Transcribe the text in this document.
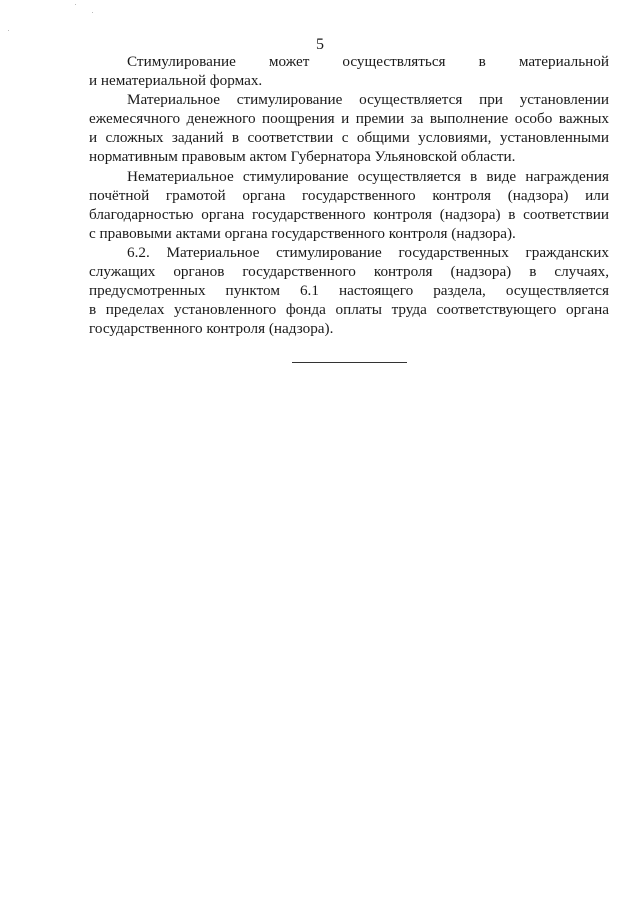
5

Стимулирование может осуществляться в материальной
и нематериальной формах.

Материальное стимулирование осуществляется при установлении
ежемесячного денежного поощрения и премии за выполнение особо важных
и сложных заданий в соответствии с общими условиями, установленными
нормативным правовым актом Губернатора Ульяновской области.

Нематериальное стимулирование осуществляется в виде награждения
почётной грамотой органа государственного контроля (надзора) или
благодарностью органа государственного контроля (надзора) в соответствии
с правовыми актами органа государственного контроля (надзора).

6.2. Материальное стимулирование государственных гражданских
служащих органов государственного контроля (надзора) в случаях,
предусмотренных пунктом 6.1 настоящего раздела, осуществляется
в пределах установленного фонда оплаты труда соответствующего органа
государственного контроля (надзора).
